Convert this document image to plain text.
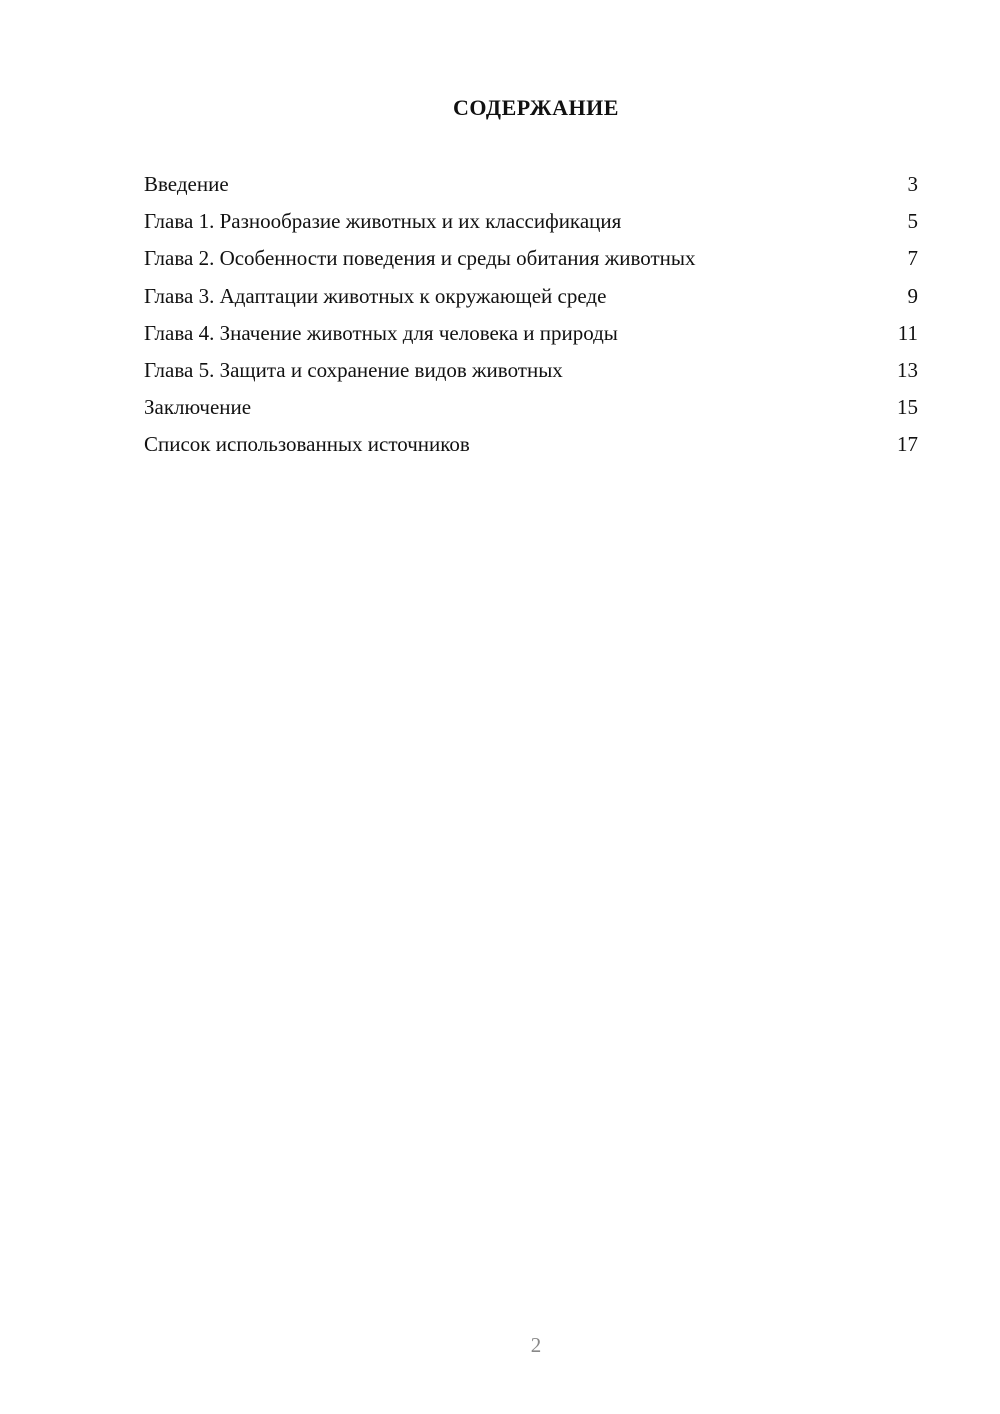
СОДЕРЖАНИЕ
Введение	3
Глава 1. Разнообразие животных и их классификация	5
Глава 2. Особенности поведения и среды обитания животных	7
Глава 3. Адаптации животных к окружающей среде	9
Глава 4. Значение животных для человека и природы	11
Глава 5. Защита и сохранение видов животных	13
Заключение	15
Список использованных источников	17
2
